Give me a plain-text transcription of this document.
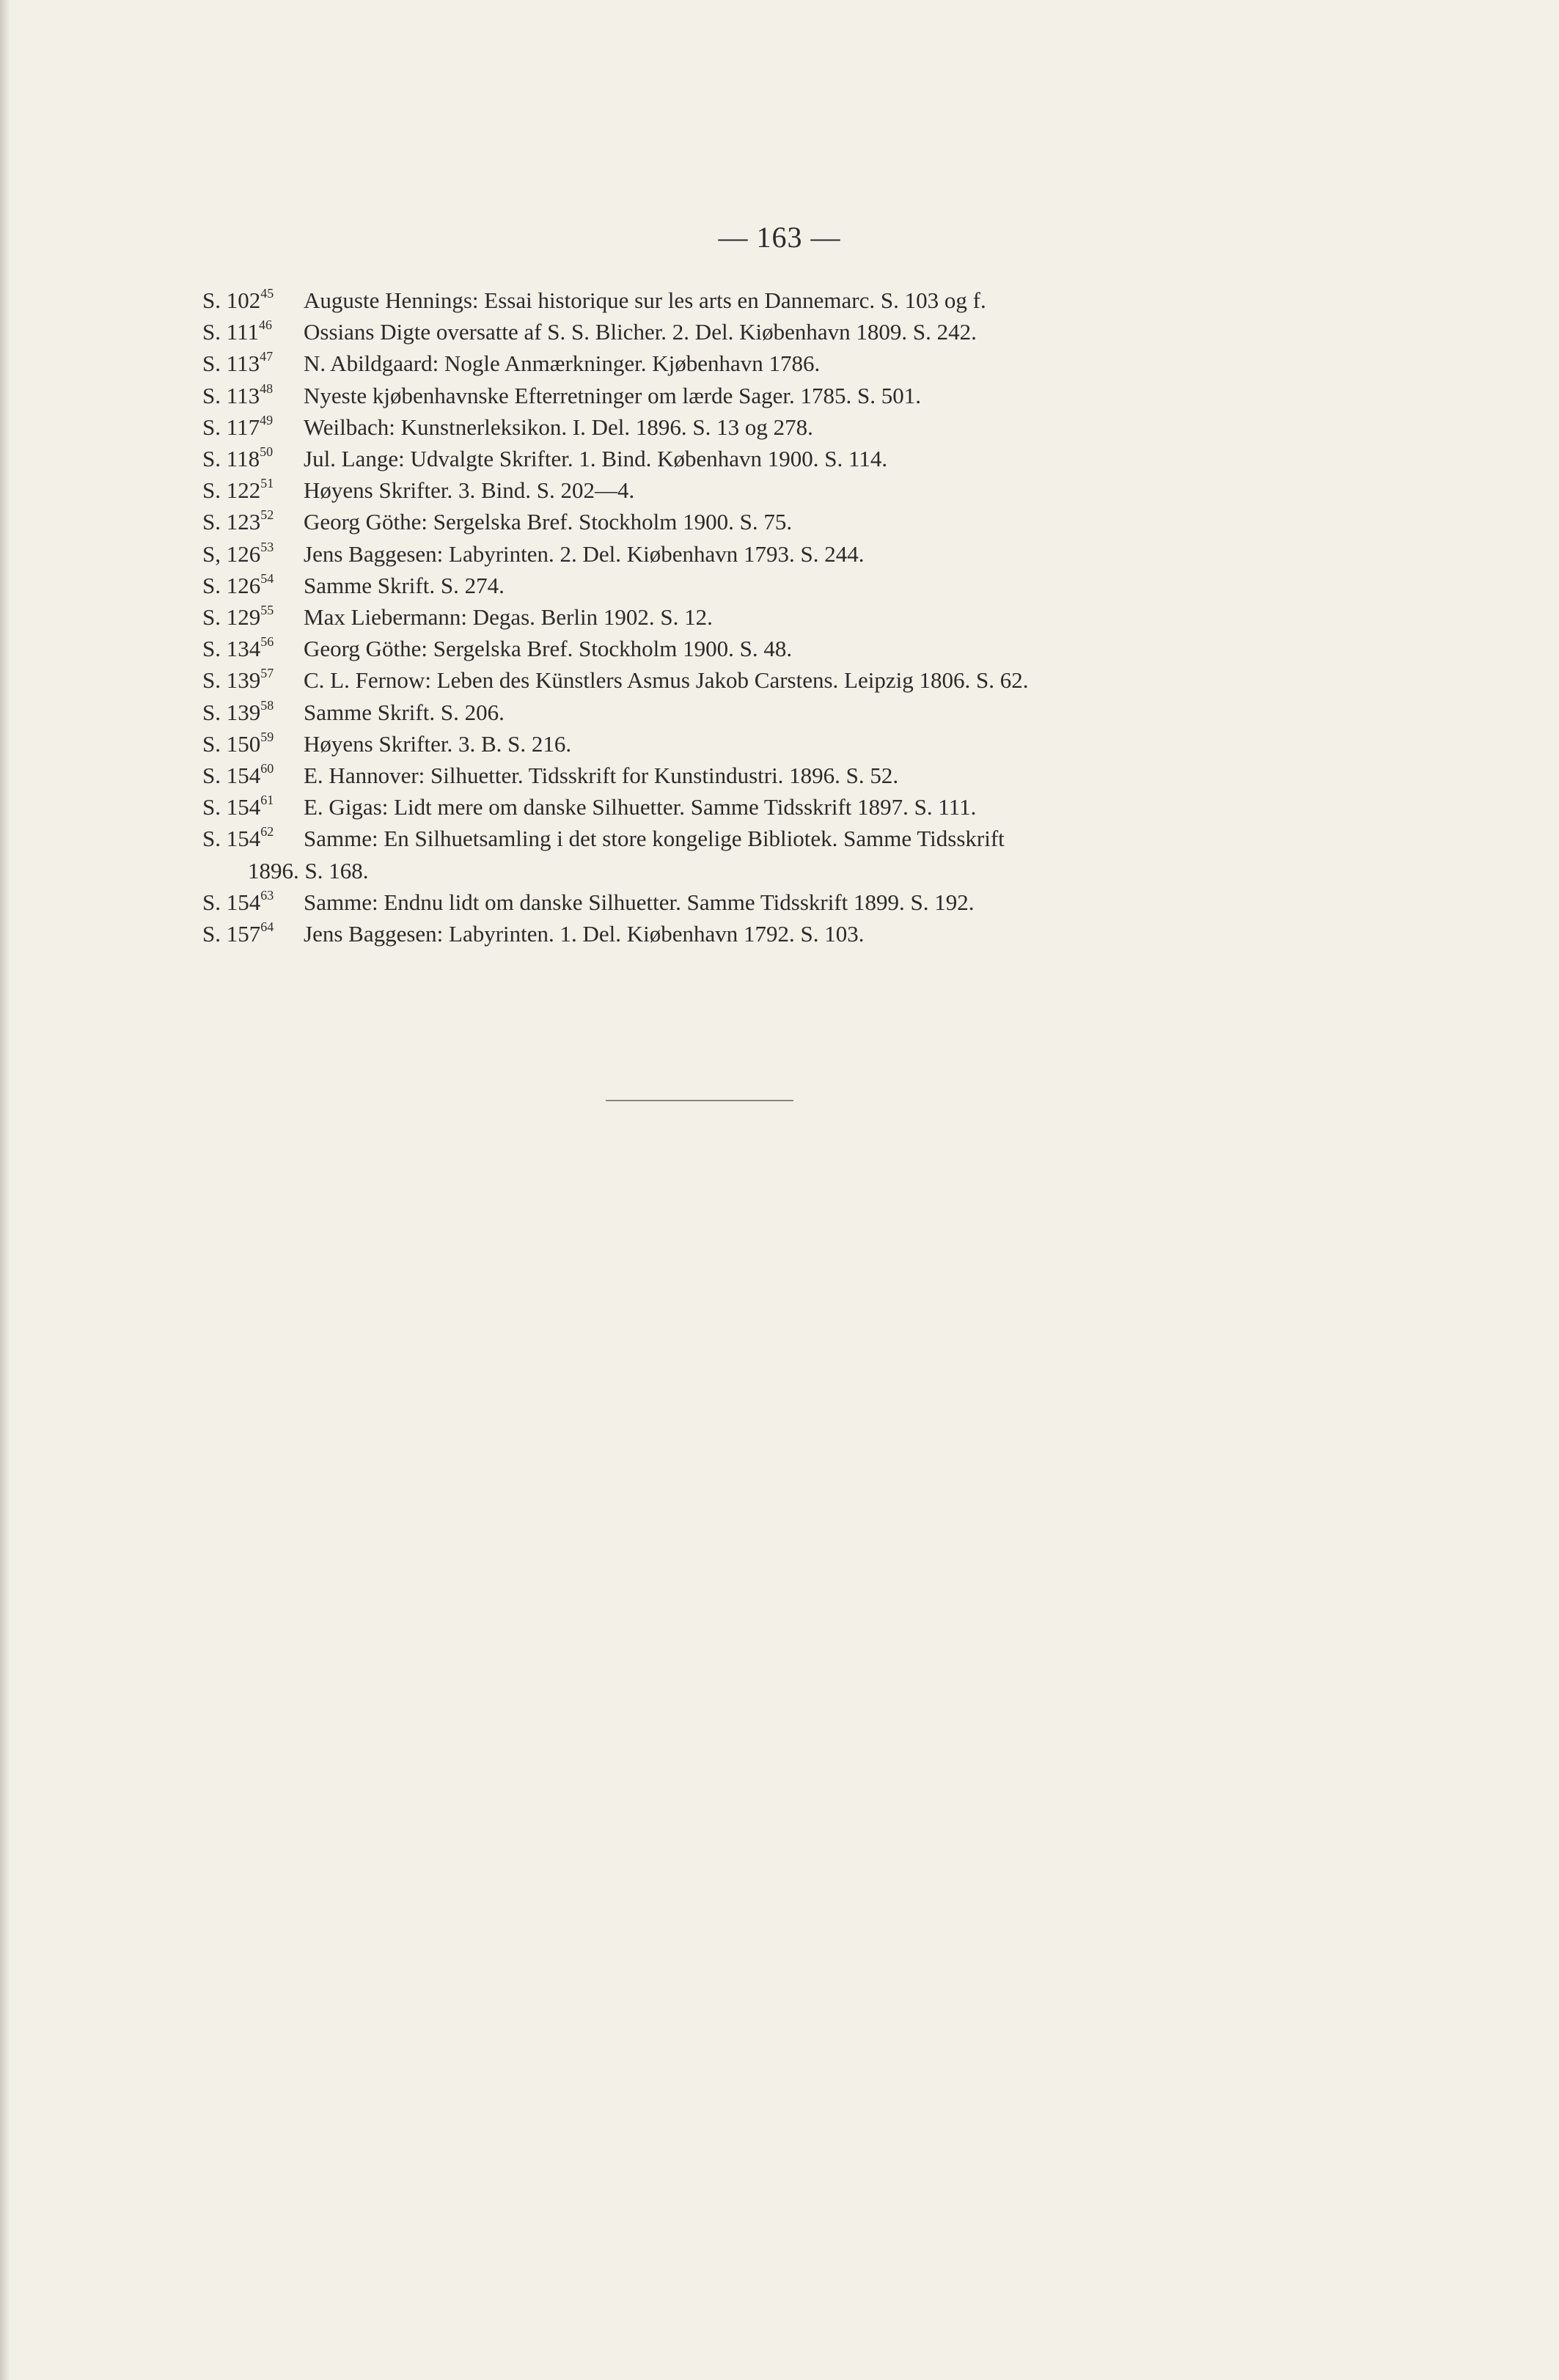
— 163 —
S. $102^{45}$	Auguste Hennings: Essai historique sur les arts en Dannemarc. S. 103 og f.
S. $111^{46}$	Ossians Digte oversatte af S. S. Blicher. 2. Del. Kiøbenhavn 1809. S. 242.
S. $113^{47}$	N. Abildgaard: Nogle Anmærkninger. Kjøbenhavn 1786.
S. $113^{48}$	Nyeste kjøbenhavnske Efterretninger om lærde Sager. 1785. S. 501.
S. $117^{49}$	Weilbach: Kunstnerleksikon. I. Del. 1896. S. 13 og 278.
S. $118^{50}$	Jul. Lange: Udvalgte Skrifter. 1. Bind. København 1900. S. 114.
S. $122^{51}$	Høyens Skrifter. 3. Bind. S. 202—4.
S. $123^{52}$	Georg Göthe: Sergelska Bref. Stockholm 1900. S. 75.
S, $126^{53}$	Jens Baggesen: Labyrinten. 2. Del. Kiøbenhavn 1793. S. 244.
S. $126^{54}$	Samme Skrift. S. 274.
S. $129^{55}$	Max Liebermann: Degas. Berlin 1902. S. 12.
S. $134^{56}$	Georg Göthe: Sergelska Bref. Stockholm 1900. S. 48.
S. $139^{57}$	C. L. Fernow: Leben des Künstlers Asmus Jakob Carstens. Leipzig 1806. S. 62.
S. $139^{58}$	Samme Skrift. S. 206.
S. $150^{59}$	Høyens Skrifter. 3. B. S. 216.
S. $154^{60}$	E. Hannover: Silhuetter. Tidsskrift for Kunstindustri. 1896. S. 52.
S. $154^{61}$	E. Gigas: Lidt mere om danske Silhuetter. Samme Tidsskrift 1897. S. 111.
S. $154^{62}$	Samme: En Silhuetsamling i det store kongelige Bibliotek. Samme Tidsskrift
1896. S. 168.
S. $154^{63}$	Samme: Endnu lidt om danske Silhuetter. Samme Tidsskrift 1899. S. 192.
S. $157^{64}$	Jens Baggesen: Labyrinten. 1. Del. Kiøbenhavn 1792. S. 103.
